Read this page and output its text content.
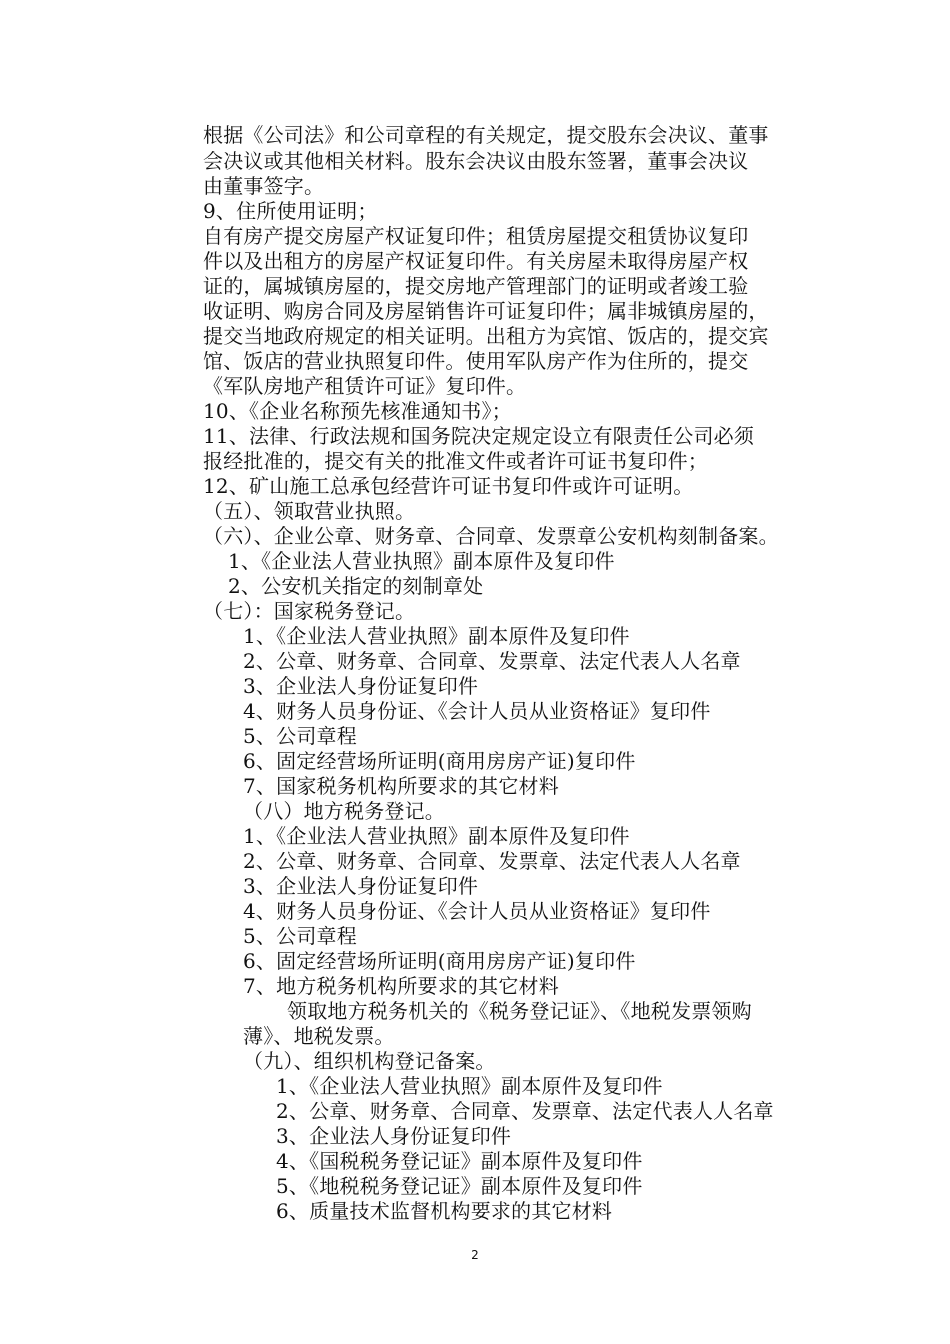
根据《公司法》和公司章程的有关规定，提交股东会决议、董事
会决议或其他相关材料。股东会决议由股东签署，董事会决议
由董事签字。
9、住所使用证明；
自有房产提交房屋产权证复印件；租赁房屋提交租赁协议复印
件以及出租方的房屋产权证复印件。有关房屋未取得房屋产权
证的，属城镇房屋的，提交房地产管理部门的证明或者竣工验
收证明、购房合同及房屋销售许可证复印件；属非城镇房屋的，
提交当地政府规定的相关证明。出租方为宾馆、饭店的，提交宾
馆、饭店的营业执照复印件。使用军队房产作为住所的，提交
《军队房地产租赁许可证》复印件。
10、《企业名称预先核准通知书》；
11、法律、行政法规和国务院决定规定设立有限责任公司必须
报经批准的，提交有关的批准文件或者许可证书复印件；
12、矿山施工总承包经营许可证书复印件或许可证明。
（五）、领取营业执照。
（六）、企业公章、财务章、合同章、发票章公安机构刻制备案。
1、《企业法人营业执照》副本原件及复印件
2、公安机关指定的刻制章处
（七）：国家税务登记。
1、《企业法人营业执照》副本原件及复印件
2、公章、财务章、合同章、发票章、法定代表人人名章
3、企业法人身份证复印件
4、财务人员身份证、《会计人员从业资格证》复印件
5、公司章程
6、固定经营场所证明(商用房房产证)复印件
7、国家税务机构所要求的其它材料
（八）地方税务登记。
1、《企业法人营业执照》副本原件及复印件
2、公章、财务章、合同章、发票章、法定代表人人名章
3、企业法人身份证复印件
4、财务人员身份证、《会计人员从业资格证》复印件
5、公司章程
6、固定经营场所证明(商用房房产证)复印件
7、地方税务机构所要求的其它材料
领取地方税务机关的《税务登记证》、《地税发票领购
薄》、地税发票。
（九）、组织机构登记备案。
1、《企业法人营业执照》副本原件及复印件
2、公章、财务章、合同章、发票章、法定代表人人名章
3、企业法人身份证复印件
4、《国税税务登记证》副本原件及复印件
5、《地税税务登记证》副本原件及复印件
6、质量技术监督机构要求的其它材料
2
